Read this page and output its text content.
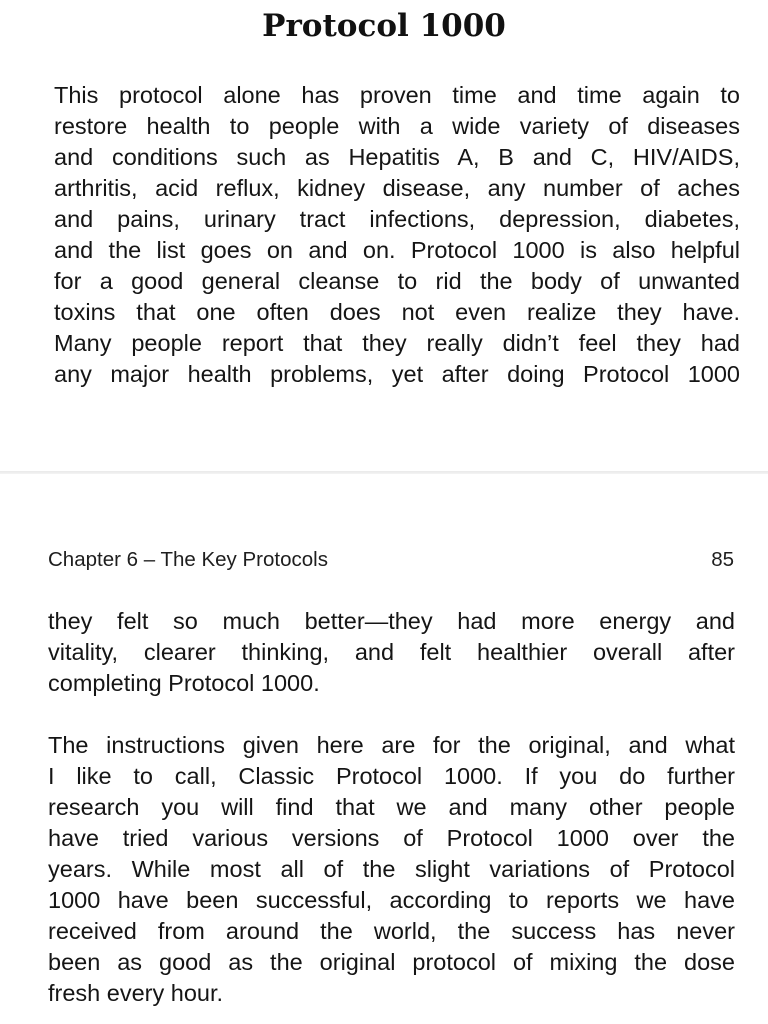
Protocol 1000

This protocol alone has proven time and time again to
restore health to people with a wide variety of diseases
and conditions such as Hepatitis A, B and C, HIV/AIDS,
arthritis, acid reflux, kidney disease, any number of aches
and pains, urinary tract infections, depression, diabetes,
and the list goes on and on. Protocol 1000 is also helpful
for a good general cleanse to rid the body of unwanted
toxins that one often does not even realize they have.
Many people report that they really didn’t feel they had
any major health problems, yet after doing Protocol 1000

Chapter 6 – The Key Protocols	85

they felt so much better—they had more energy and
vitality, clearer thinking, and felt healthier overall after
completing Protocol 1000.

The instructions given here are for the original, and what
I like to call, Classic Protocol 1000. If you do further
research you will find that we and many other people
have tried various versions of Protocol 1000 over the
years. While most all of the slight variations of Protocol
1000 have been successful, according to reports we have
received from around the world, the success has never
been as good as the original protocol of mixing the dose
fresh every hour.
